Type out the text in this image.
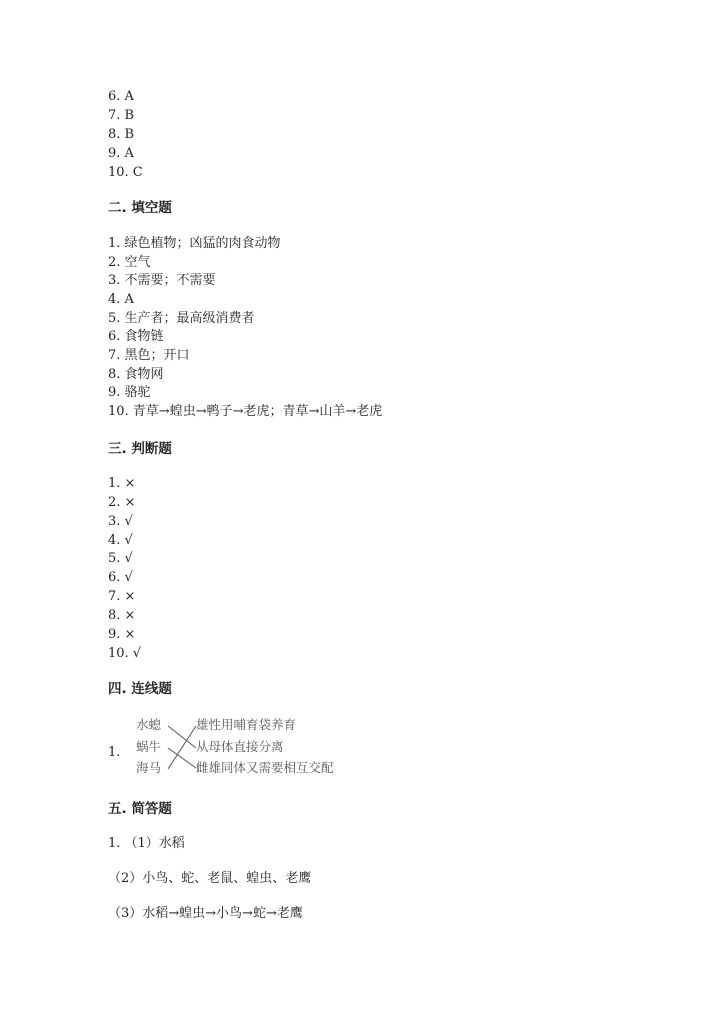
6. A
7. B
8. B
9. A
10. C
二. 填空题
1. 绿色植物；凶猛的肉食动物
2. 空气
3. 不需要；不需要
4. A
5. 生产者；最高级消费者
6. 食物链
7. 黑色；开口
8. 食物网
9. 骆驼
10. 青草→蝗虫→鸭子→老虎；青草→山羊→老虎
三. 判断题
1. ×
2. ×
3. √
4. √
5. √
6. √
7. ×
8. ×
9. ×
10. √
四. 连线题
1.
水螅
蜗牛
海马
雄性用哺育袋养育
从母体直接分离
雌雄同体又需要相互交配
五. 简答题
1. （1）水稻
（2）小鸟、蛇、老鼠、蝗虫、老鹰
（3）水稻→蝗虫→小鸟→蛇→老鹰
